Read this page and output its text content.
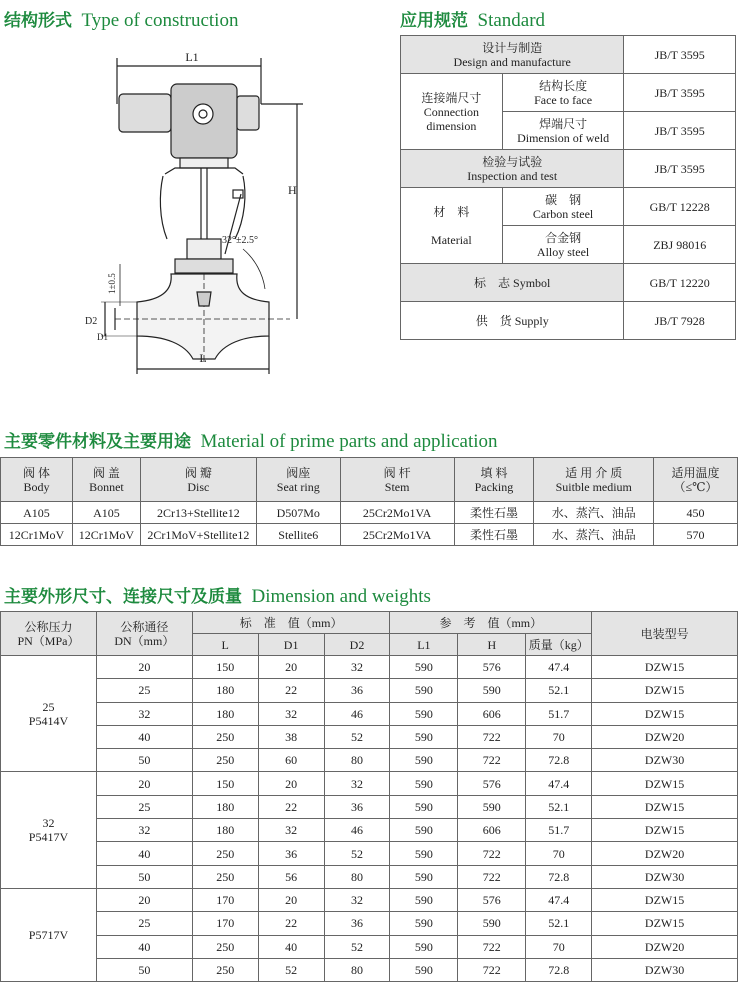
结构形式 Type of construction	应用规范 Standard
主要零件材料及主要用途 Material of prime parts and application
主要外形尺寸、连接尺寸及质量 Dimension and weights
L1
H
32°±2.5°
D2
D1
1±0.5
L
设计与制造
Design and manufacture		JB/T 3595
连接端尺寸
Connection
dimension	结构长度
Face to face	JB/T 3595
	焊端尺寸
Dimension of weld	JB/T 3595
检验与试验
Inspection and test		JB/T 3595
材　料

Material	碳　钢
Carbon steel	GB/T 12228
	合金钢
Alloy steel	ZBJ 98016
标　志 Symbol		GB/T 12220
供　货 Supply		JB/T 7928
阀 体
Body	阀 盖
Bonnet	阀 瓣
Disc	阀座
Seat ring	阀 杆
Stem	填 料
Packing	适 用 介 质
Suitble medium	适用温度
（≤℃）
A105	A105	2Cr13+Stellite12	D507Mo	25Cr2Mo1VA	柔性石墨	水、蒸汽、油品	450
12Cr1MoV	12Cr1MoV	2Cr1MoV+Stellite12	Stellite6	25Cr2Mo1VA	柔性石墨	水、蒸汽、油品	570
公称压力
PN（MPa）	公称通径
DN（mm）	标　准　值（mm）			参　考　值（mm）			电装型号
		L	D1	D2	L1	H	质量（kg）	
25
P5414V	20	150	20	32	590	576	47.4	DZW15
	25	180	22	36	590	590	52.1	DZW15
	32	180	32	46	590	606	51.7	DZW15
	40	250	38	52	590	722	70	DZW20
	50	250	60	80	590	722	72.8	DZW30
32
P5417V	20	150	20	32	590	576	47.4	DZW15
	25	180	22	36	590	590	52.1	DZW15
	32	180	32	46	590	606	51.7	DZW15
	40	250	36	52	590	722	70	DZW20
	50	250	56	80	590	722	72.8	DZW30
P5717V	20	170	20	32	590	576	47.4	DZW15
	25	170	22	36	590	590	52.1	DZW15
	40	250	40	52	590	722	70	DZW20
	50	250	52	80	590	722	72.8	DZW30
